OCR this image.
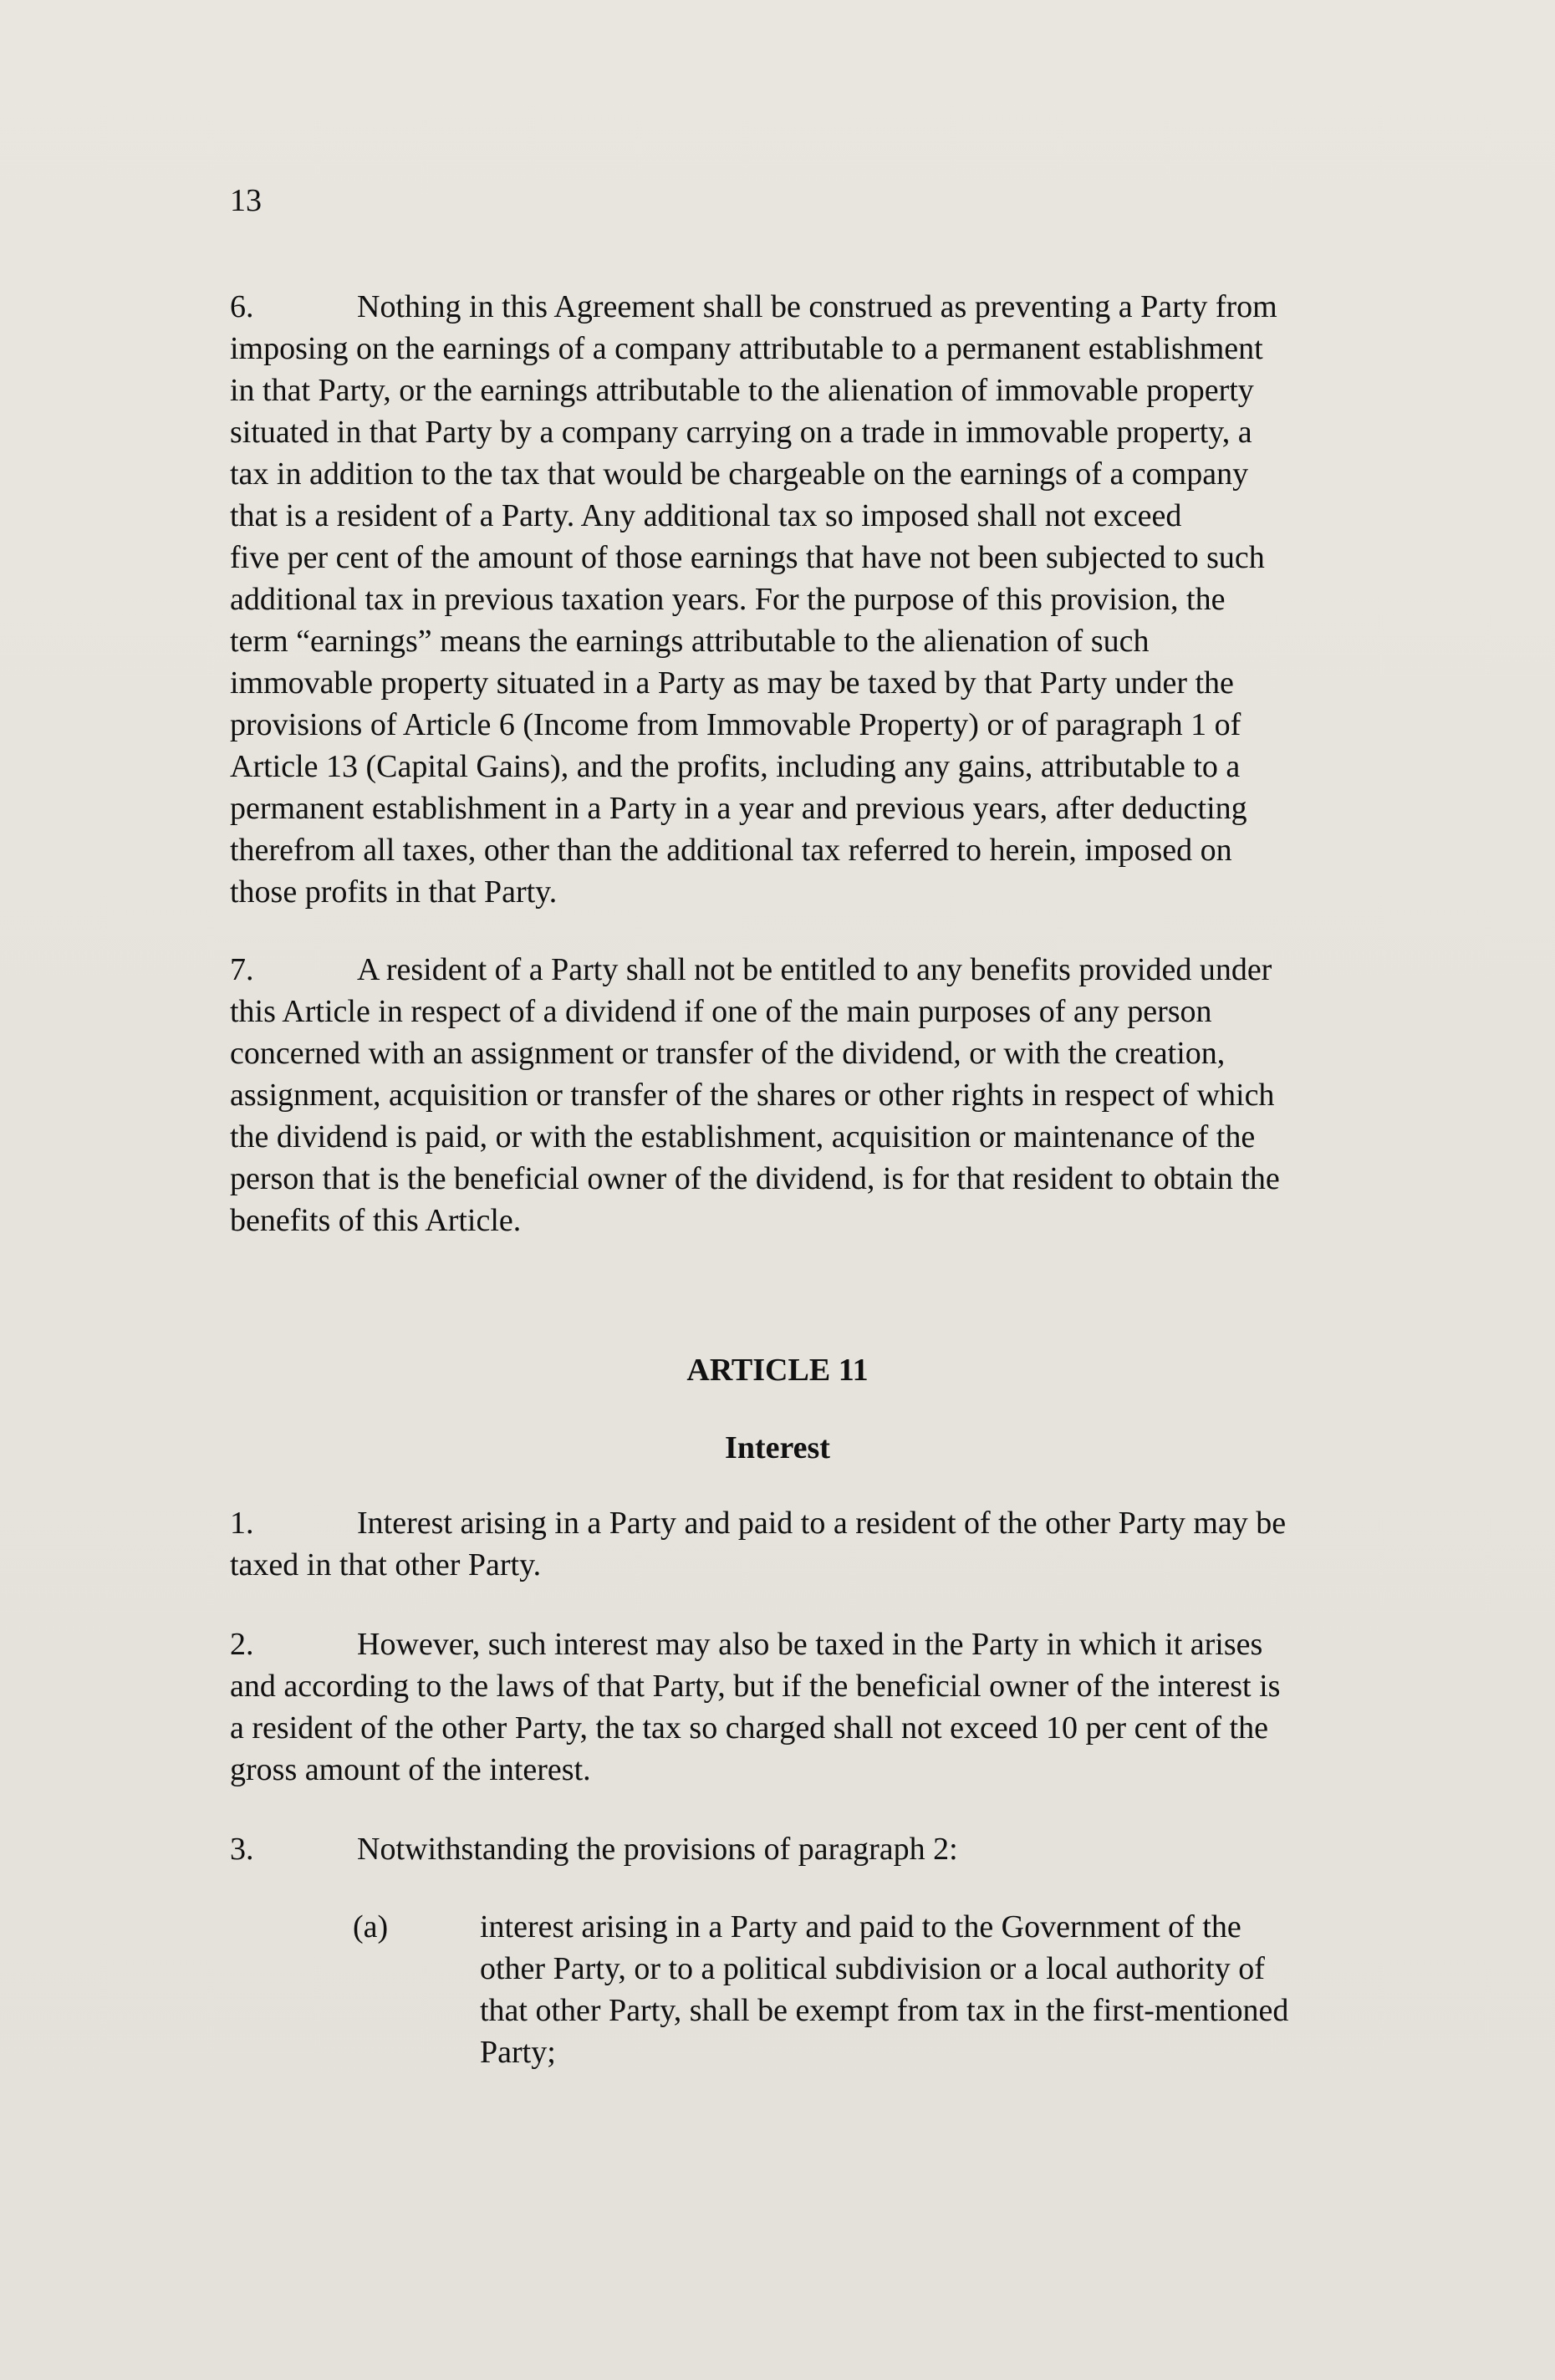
13
6.	Nothing in this Agreement shall be construed as preventing a Party from
imposing on the earnings of a company attributable to a permanent establishment
in that Party, or the earnings attributable to the alienation of immovable property
situated in that Party by a company carrying on a trade in immovable property, a
tax in addition to the tax that would be chargeable on the earnings of a company
that is a resident of a Party. Any additional tax so imposed shall not exceed
five per cent of the amount of those earnings that have not been subjected to such
additional tax in previous taxation years. For the purpose of this provision, the
term “earnings” means the earnings attributable to the alienation of such
immovable property situated in a Party as may be taxed by that Party under the
provisions of Article 6 (Income from Immovable Property) or of paragraph 1 of
Article 13 (Capital Gains), and the profits, including any gains, attributable to a
permanent establishment in a Party in a year and previous years, after deducting
therefrom all taxes, other than the additional tax referred to herein, imposed on
those profits in that Party.
7.	A resident of a Party shall not be entitled to any benefits provided under
this Article in respect of a dividend if one of the main purposes of any person
concerned with an assignment or transfer of the dividend, or with the creation,
assignment, acquisition or transfer of the shares or other rights in respect of which
the dividend is paid, or with the establishment, acquisition or maintenance of the
person that is the beneficial owner of the dividend, is for that resident to obtain the
benefits of this Article.
ARTICLE 11
Interest
1.	Interest arising in a Party and paid to a resident of the other Party may be
taxed in that other Party.
2.	However, such interest may also be taxed in the Party in which it arises
and according to the laws of that Party, but if the beneficial owner of the interest is
a resident of the other Party, the tax so charged shall not exceed 10 per cent of the
gross amount of the interest.
3.	Notwithstanding the provisions of paragraph 2:
(a)	interest arising in a Party and paid to the Government of the
other Party, or to a political subdivision or a local authority of
that other Party, shall be exempt from tax in the first-mentioned
Party;
